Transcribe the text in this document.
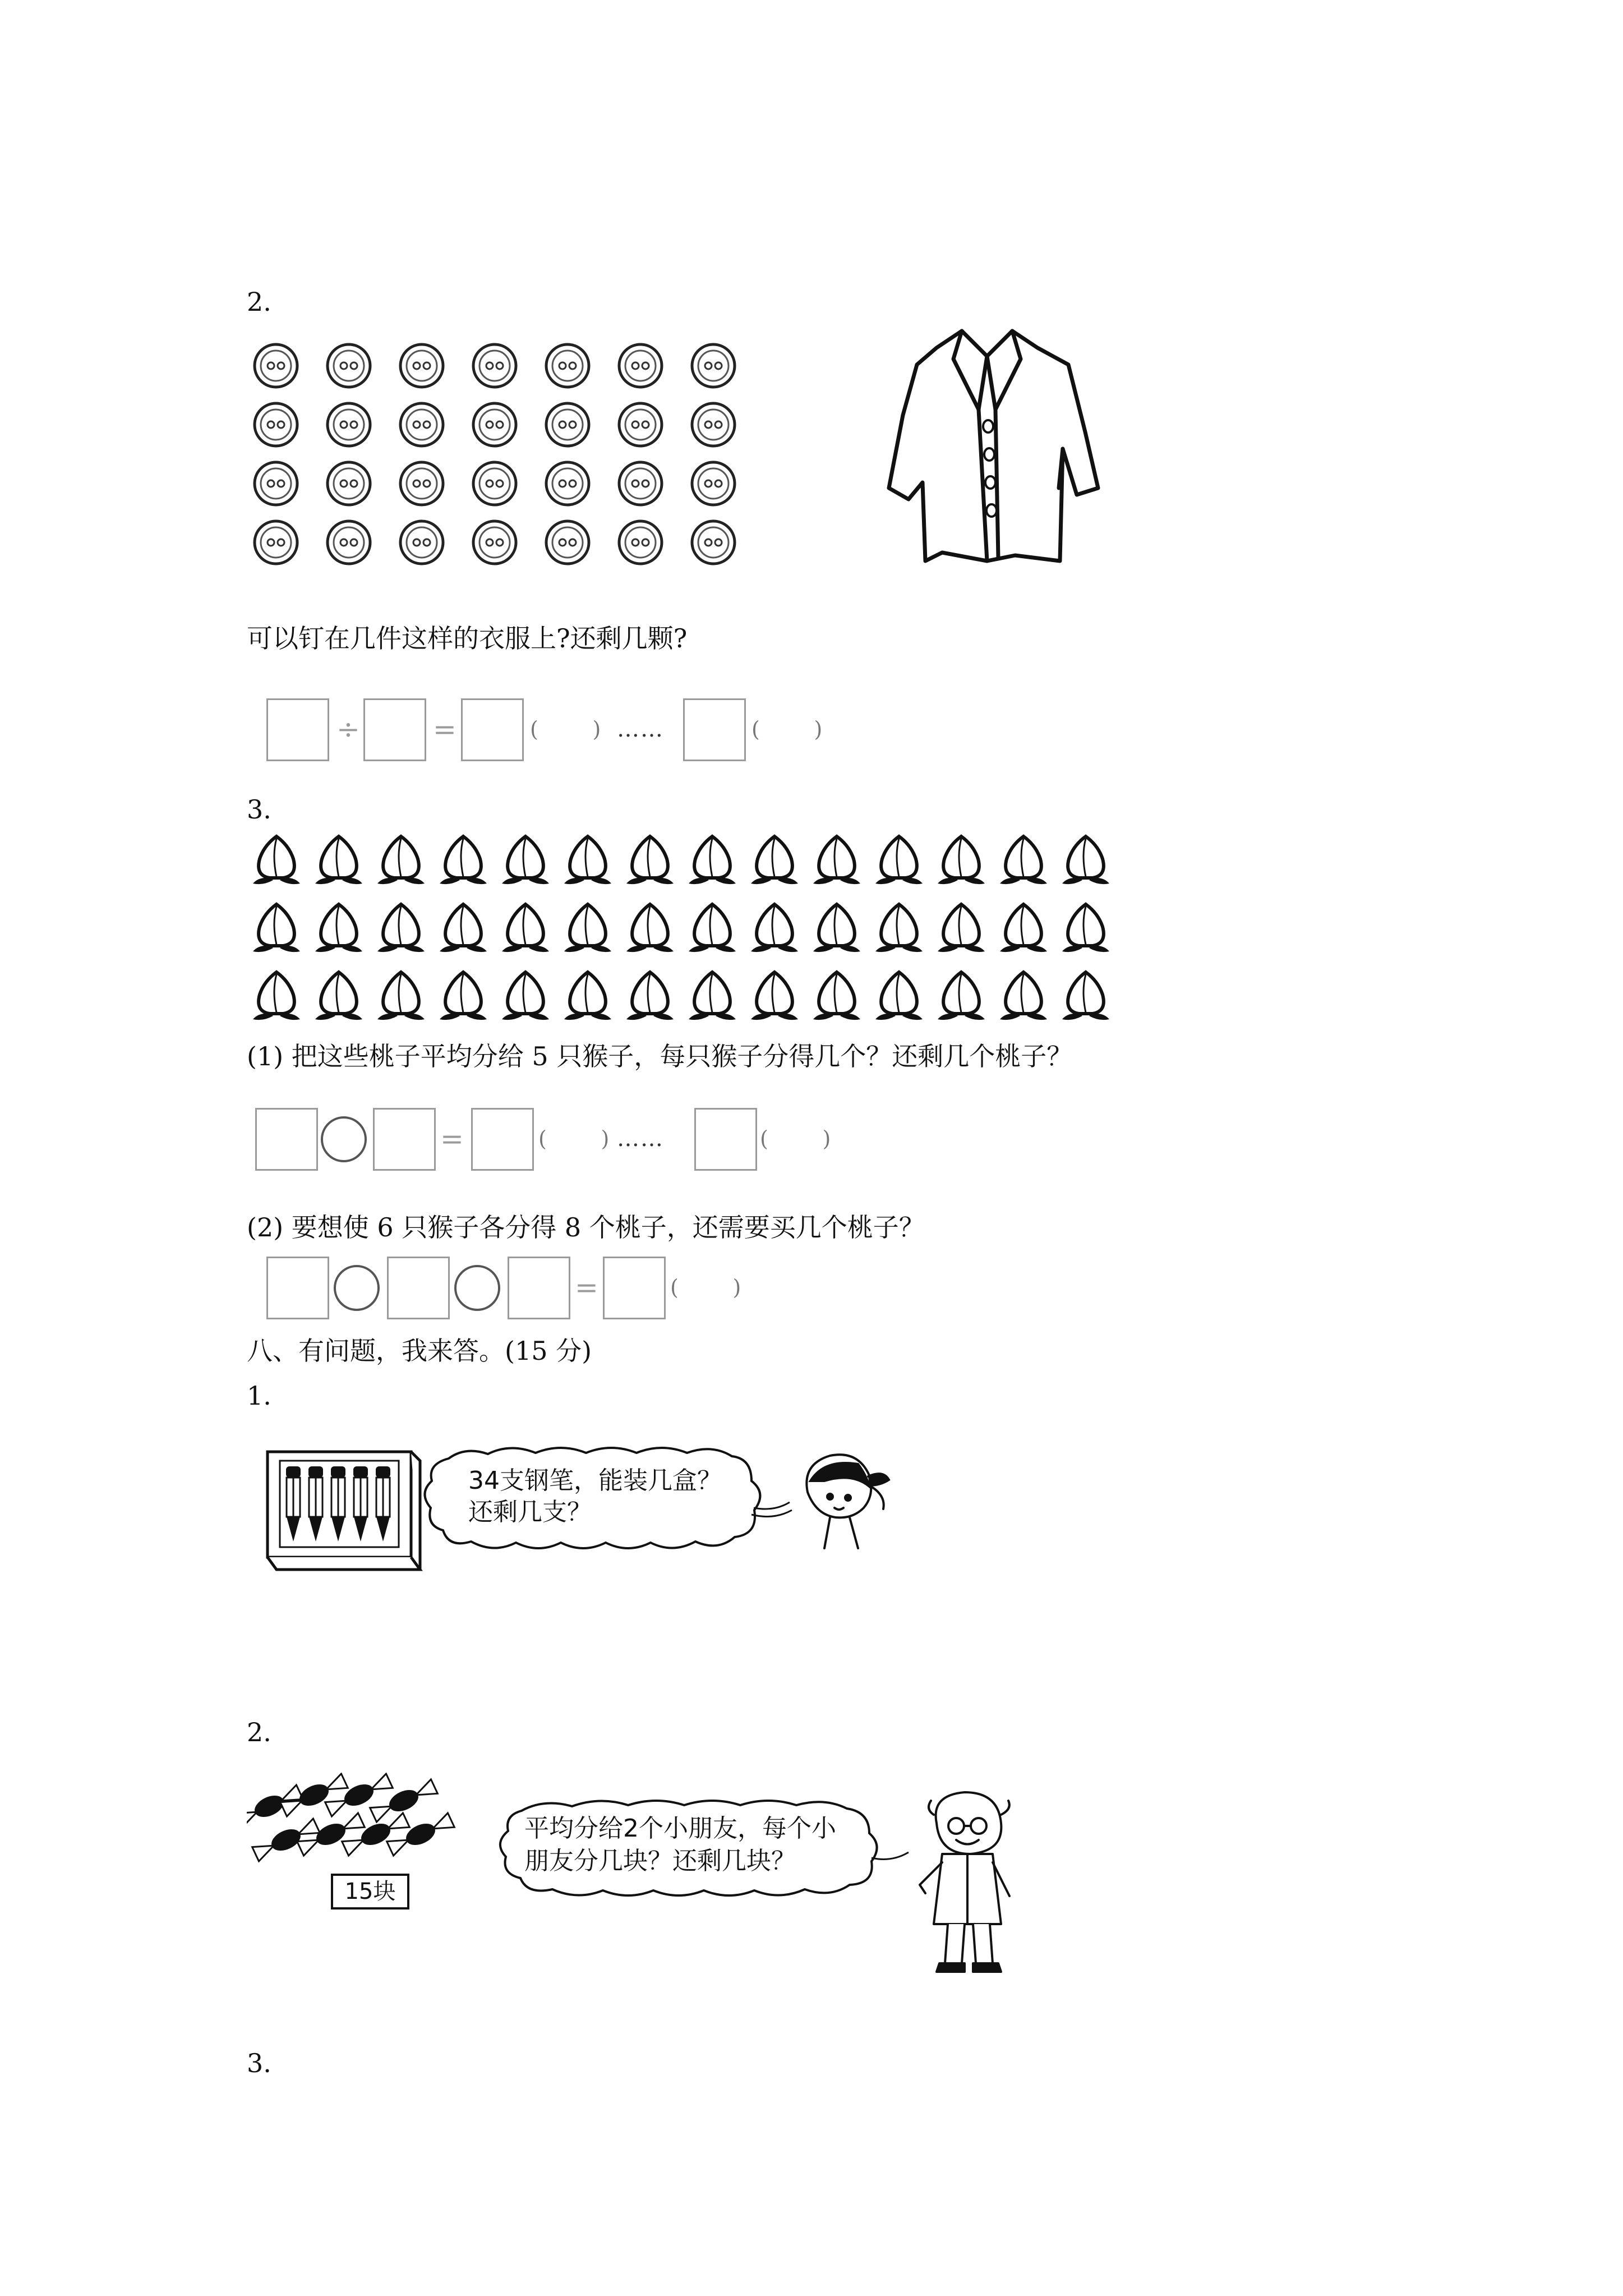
2.
可以钉在几件这样的衣服上?还剩几颗?
÷	=	(        ) ……	(        )
3.
(1) 把这些桃子平均分给 5 只猴子，每只猴子分得几个？还剩几个桃子？
=	(        ) ……	(        )
(2) 要想使 6 只猴子各分得 8 个桃子，还需要买几个桃子？
=	(        )
八、有问题，我来答。(15 分)
1.
34支钢笔，能装几盒？
还剩几支？
2.
15块
平均分给2个小朋友，每个小
朋友分几块？还剩几块？
3.
